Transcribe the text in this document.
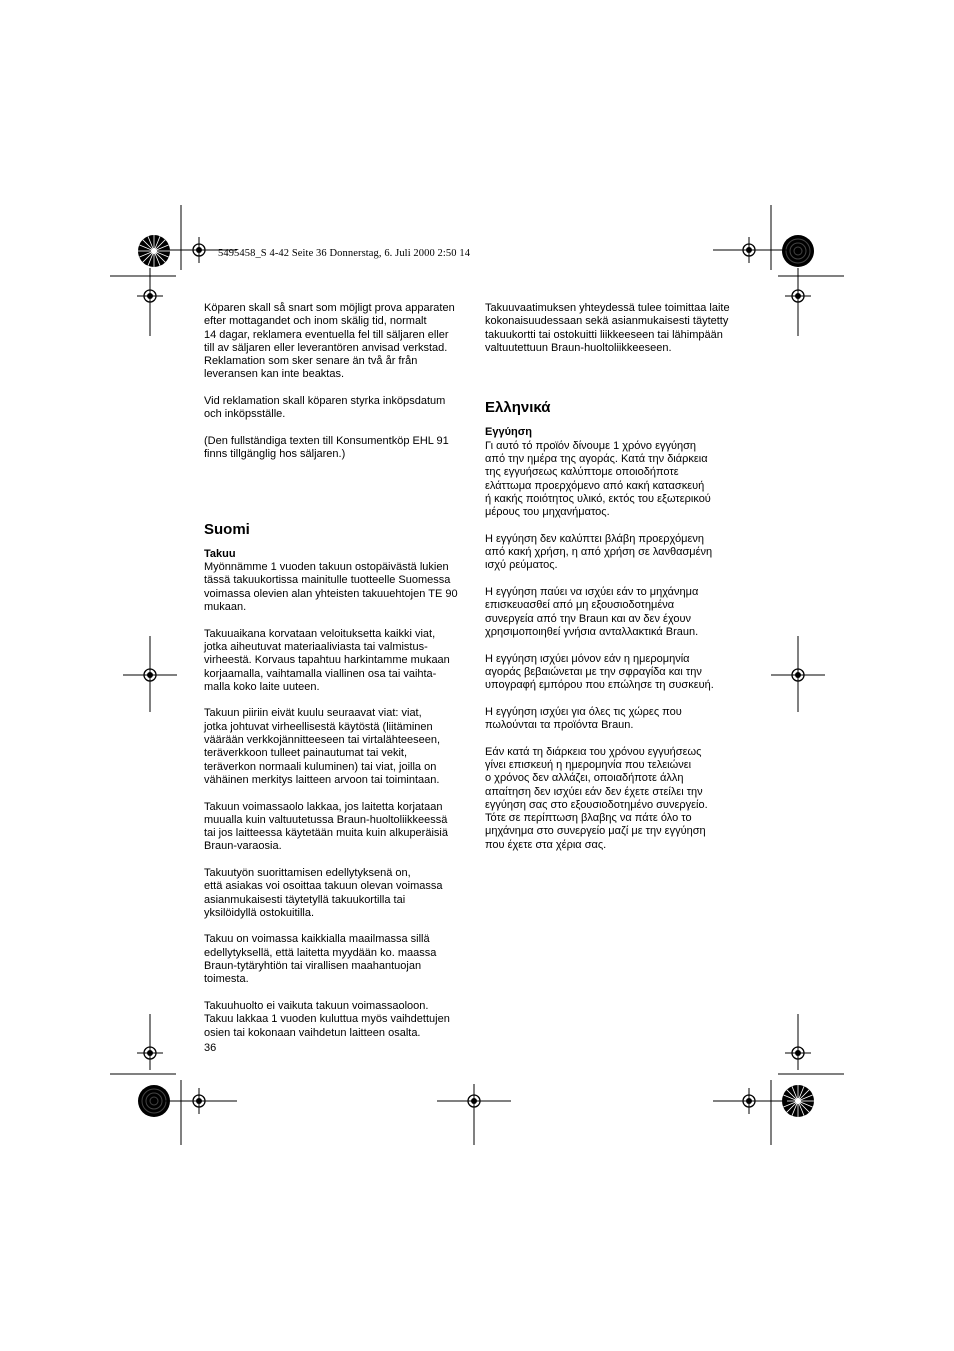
5495458_S 4-42 Seite 36 Donnerstag, 6. Juli 2000 2:50 14

Köparen skall så snart som möjligt prova apparaten
efter mottagandet och inom skälig tid, normalt
14 dagar, reklamera eventuella fel till säljaren eller
till av säljaren eller leverantören anvisad verkstad.
Reklamation som sker senare än två år från
leveransen kan inte beaktas.

Vid reklamation skall köparen styrka inköpsdatum
och inköpsställe.

(Den fullständiga texten till Konsumentköp EHL 91
finns tillgänglig hos säljaren.)

Suomi
Takuu

Myönnämme 1 vuoden takuun ostopäivästä lukien
tässä takuukortissa mainitulle tuotteelle Suomessa
voimassa olevien alan yhteisten takuuehtojen TE 90
mukaan.

Takuuaikana korvataan veloituksetta kaikki viat,
jotka aiheutuvat materiaaliviasta tai valmistus-
virheestä. Korvaus tapahtuu harkintamme mukaan
korjaamalla, vaihtamalla viallinen osa tai vaihta-
malla koko laite uuteen.

Takuun piiriin eivät kuulu seuraavat viat: viat,
jotka johtuvat virheellisestä käytöstä (liitäminen
väärään verkkojännitteeseen tai virtalähteeseen,
teräverkkoon tulleet painautumat tai vekit,
teräverkon normaali kuluminen) tai viat, joilla on
vähäinen merkitys laitteen arvoon tai toimintaan.

Takuun voimassaolo lakkaa, jos laitetta korjataan
muualla kuin valtuutetussa Braun-huoltoliikkeessä
tai jos laitteessa käytetään muita kuin alkuperäisiä
Braun-varaosia.

Takuutyön suorittamisen edellytyksenä on,
että asiakas voi osoittaa takuun olevan voimassa
asianmukaisesti täytetyllä takuukortilla tai
yksilöidyllä ostokuitilla.

Takuu on voimassa kaikkialla maailmassa sillä
edellytyksellä, että laitetta myydään ko. maassa
Braun-tytäryhtiön tai virallisen maahantuojan
toimesta.

Takuuhuolto ei vaikuta takuun voimassaoloon.
Takuu lakkaa 1 vuoden kuluttua myös vaihdettujen
osien tai kokonaan vaihdetun laitteen osalta.

Takuuvaatimuksen yhteydessä tulee toimittaa laite
kokonaisuudessaan sekä asianmukaisesti täytetty
takuukortti tai ostokuitti liikkeeseen tai lähimpään
valtuutettuun Braun-huoltoliikkeeseen.

Ελληνικά
Εγγύηση

Γι αυτό τό προϊόν δίνουμε 1 χρόνο εγγύηση
από την ημέρα της αγοράς. Κατά την διάρκεια
της εγγυήσεως καλύπτομε οποιοδήποτε
ελάττωμα προερχόμενο από κακή κατασκευή
ή κακής ποιότητος υλικό, εκτός του εξωτερικού
μέρους του μηχανήματος.

Η εγγύηση δεν καλύπτει βλάβη προερχόμενη
από κακή χρήση, η από χρήση σε λανθασμένη
ισχύ ρεύματος.

Η εγγύηση παύει να ισχύει εάν το μηχάνημα
επισκευασθεί από μη εξουσιοδοτημένα
συνεργεία από την Braun και αν δεν έχουν
χρησιμοποιηθεί γνήσια ανταλλακτικά Braun.

Η εγγύηση ισχύει μόνον εάν η ημερομηνία
αγοράς βεβαιώνεται με την σφραγίδα και την
υπογραφή εμπόρου που επώλησε τη συσκευή.

Η εγγύηση ισχύει για όλες τις χώρες που
πωλούνται τα προϊόντα Braun.

Εάν κατά τη διάρκεια του χρόνου εγγυήσεως
γίνει επισκευή η ημερομηνία που τελειώνει
ο χρόνος δεν αλλάζει, οποιαδήποτε άλλη
απαίτηση δεν ισχύει εάν δεν έχετε στείλει την
εγγύηση σας στο εξουσιοδοτημένο συνεργείο.
Τότε σε περίπτωση βλαβης να πάτε όλο το
μηχάνημα στο συνεργείο μαζί με την εγγύηση
που έχετε στα χέρια σας.

36
